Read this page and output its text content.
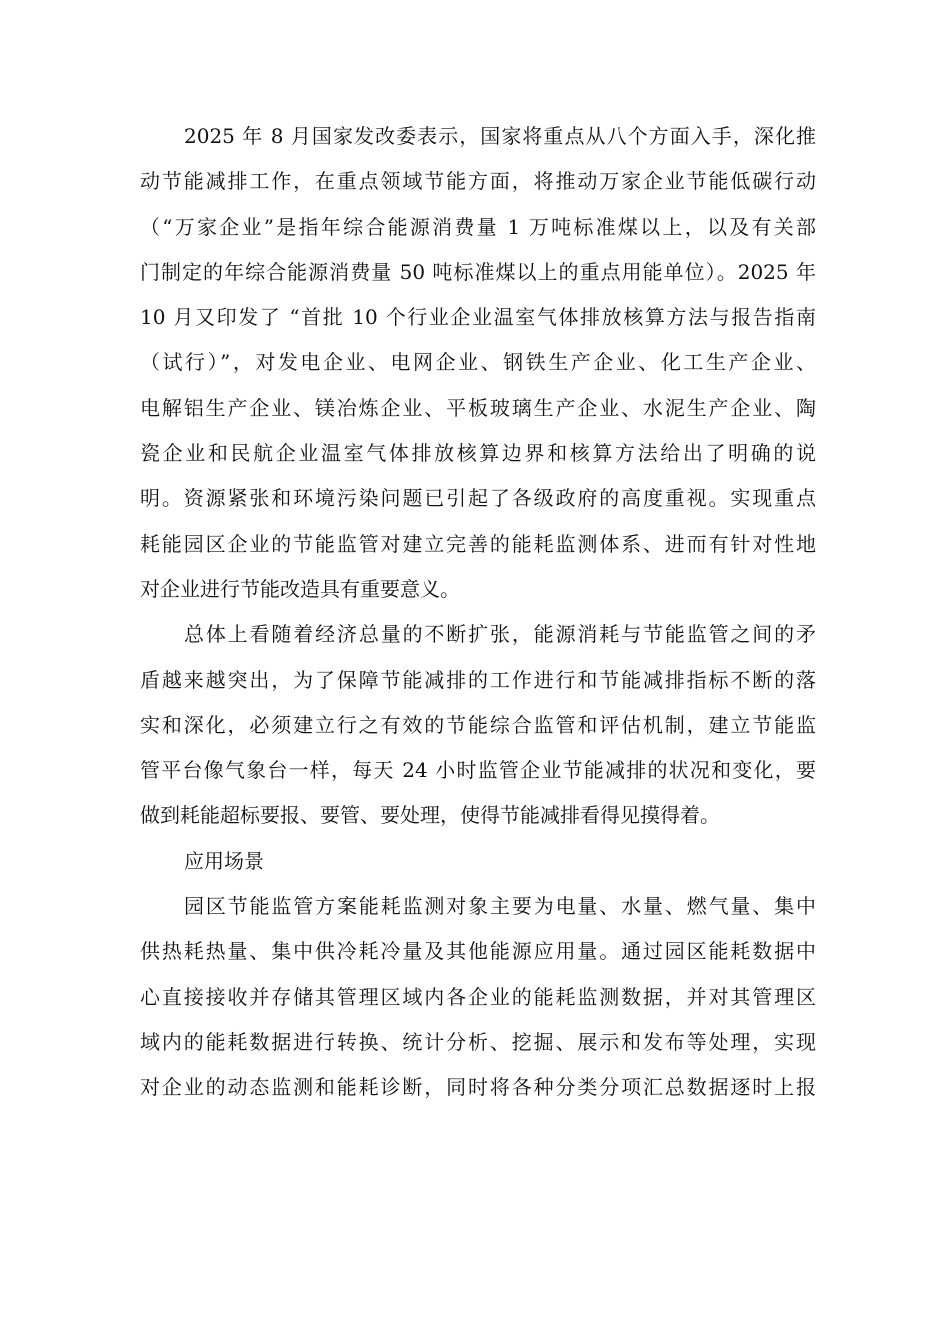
2025 年 8 月国家发改委表示，国家将重点从八个方面入手，深化推
动节能减排工作，在重点领域节能方面，将推动万家企业节能低碳行动
（“万家企业”是指年综合能源消费量 1 万吨标准煤以上，以及有关部
门制定的年综合能源消费量 50 吨标准煤以上的重点用能单位）。2025 年
10 月又印发了 “首批 10 个行业企业温室气体排放核算方法与报告指南
（试行）”，对发电企业、电网企业、钢铁生产企业、化工生产企业、
电解铝生产企业、镁冶炼企业、平板玻璃生产企业、水泥生产企业、陶
瓷企业和民航企业温室气体排放核算边界和核算方法给出了明确的说
明。资源紧张和环境污染问题已引起了各级政府的高度重视。实现重点
耗能园区企业的节能监管对建立完善的能耗监测体系、进而有针对性地
对企业进行节能改造具有重要意义。
总体上看随着经济总量的不断扩张，能源消耗与节能监管之间的矛
盾越来越突出，为了保障节能减排的工作进行和节能减排指标不断的落
实和深化，必须建立行之有效的节能综合监管和评估机制，建立节能监
管平台像气象台一样，每天 24 小时监管企业节能减排的状况和变化，要
做到耗能超标要报、要管、要处理，使得节能减排看得见摸得着。
应用场景
园区节能监管方案能耗监测对象主要为电量、水量、燃气量、集中
供热耗热量、集中供冷耗冷量及其他能源应用量。通过园区能耗数据中
心直接接收并存储其管理区域内各企业的能耗监测数据，并对其管理区
域内的能耗数据进行转换、统计分析、挖掘、展示和发布等处理，实现
对企业的动态监测和能耗诊断，同时将各种分类分项汇总数据逐时上报
